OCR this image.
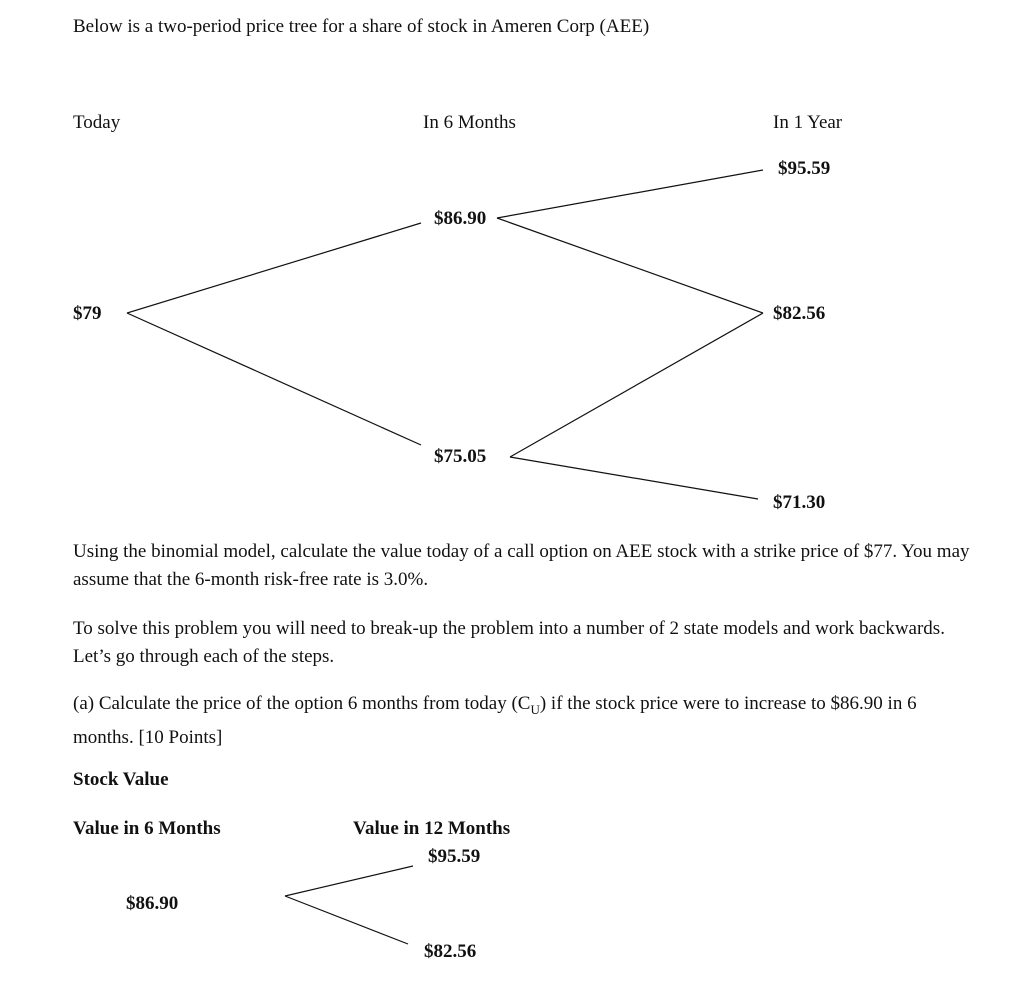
Below is a two-period price tree for a share of stock in Ameren Corp (AEE)
Today	In 6 Months	In 1 Year
$79
$86.90
$75.05
$95.59
$82.56
$71.30
Using the binomial model, calculate the value today of a call option on AEE stock with a strike price of $77. You may assume that the 6-month risk-free rate is 3.0%.
To solve this problem you will need to break-up the problem into a number of 2 state models and work backwards. Let’s go through each of the steps.
(a) Calculate the price of the option 6 months from today $(C_U)$ if the stock price were to increase to $86.90 in 6 months. [10 Points]
Stock Value
Value in 6 Months	Value in 12 Months
$95.59
$86.90
$82.56
